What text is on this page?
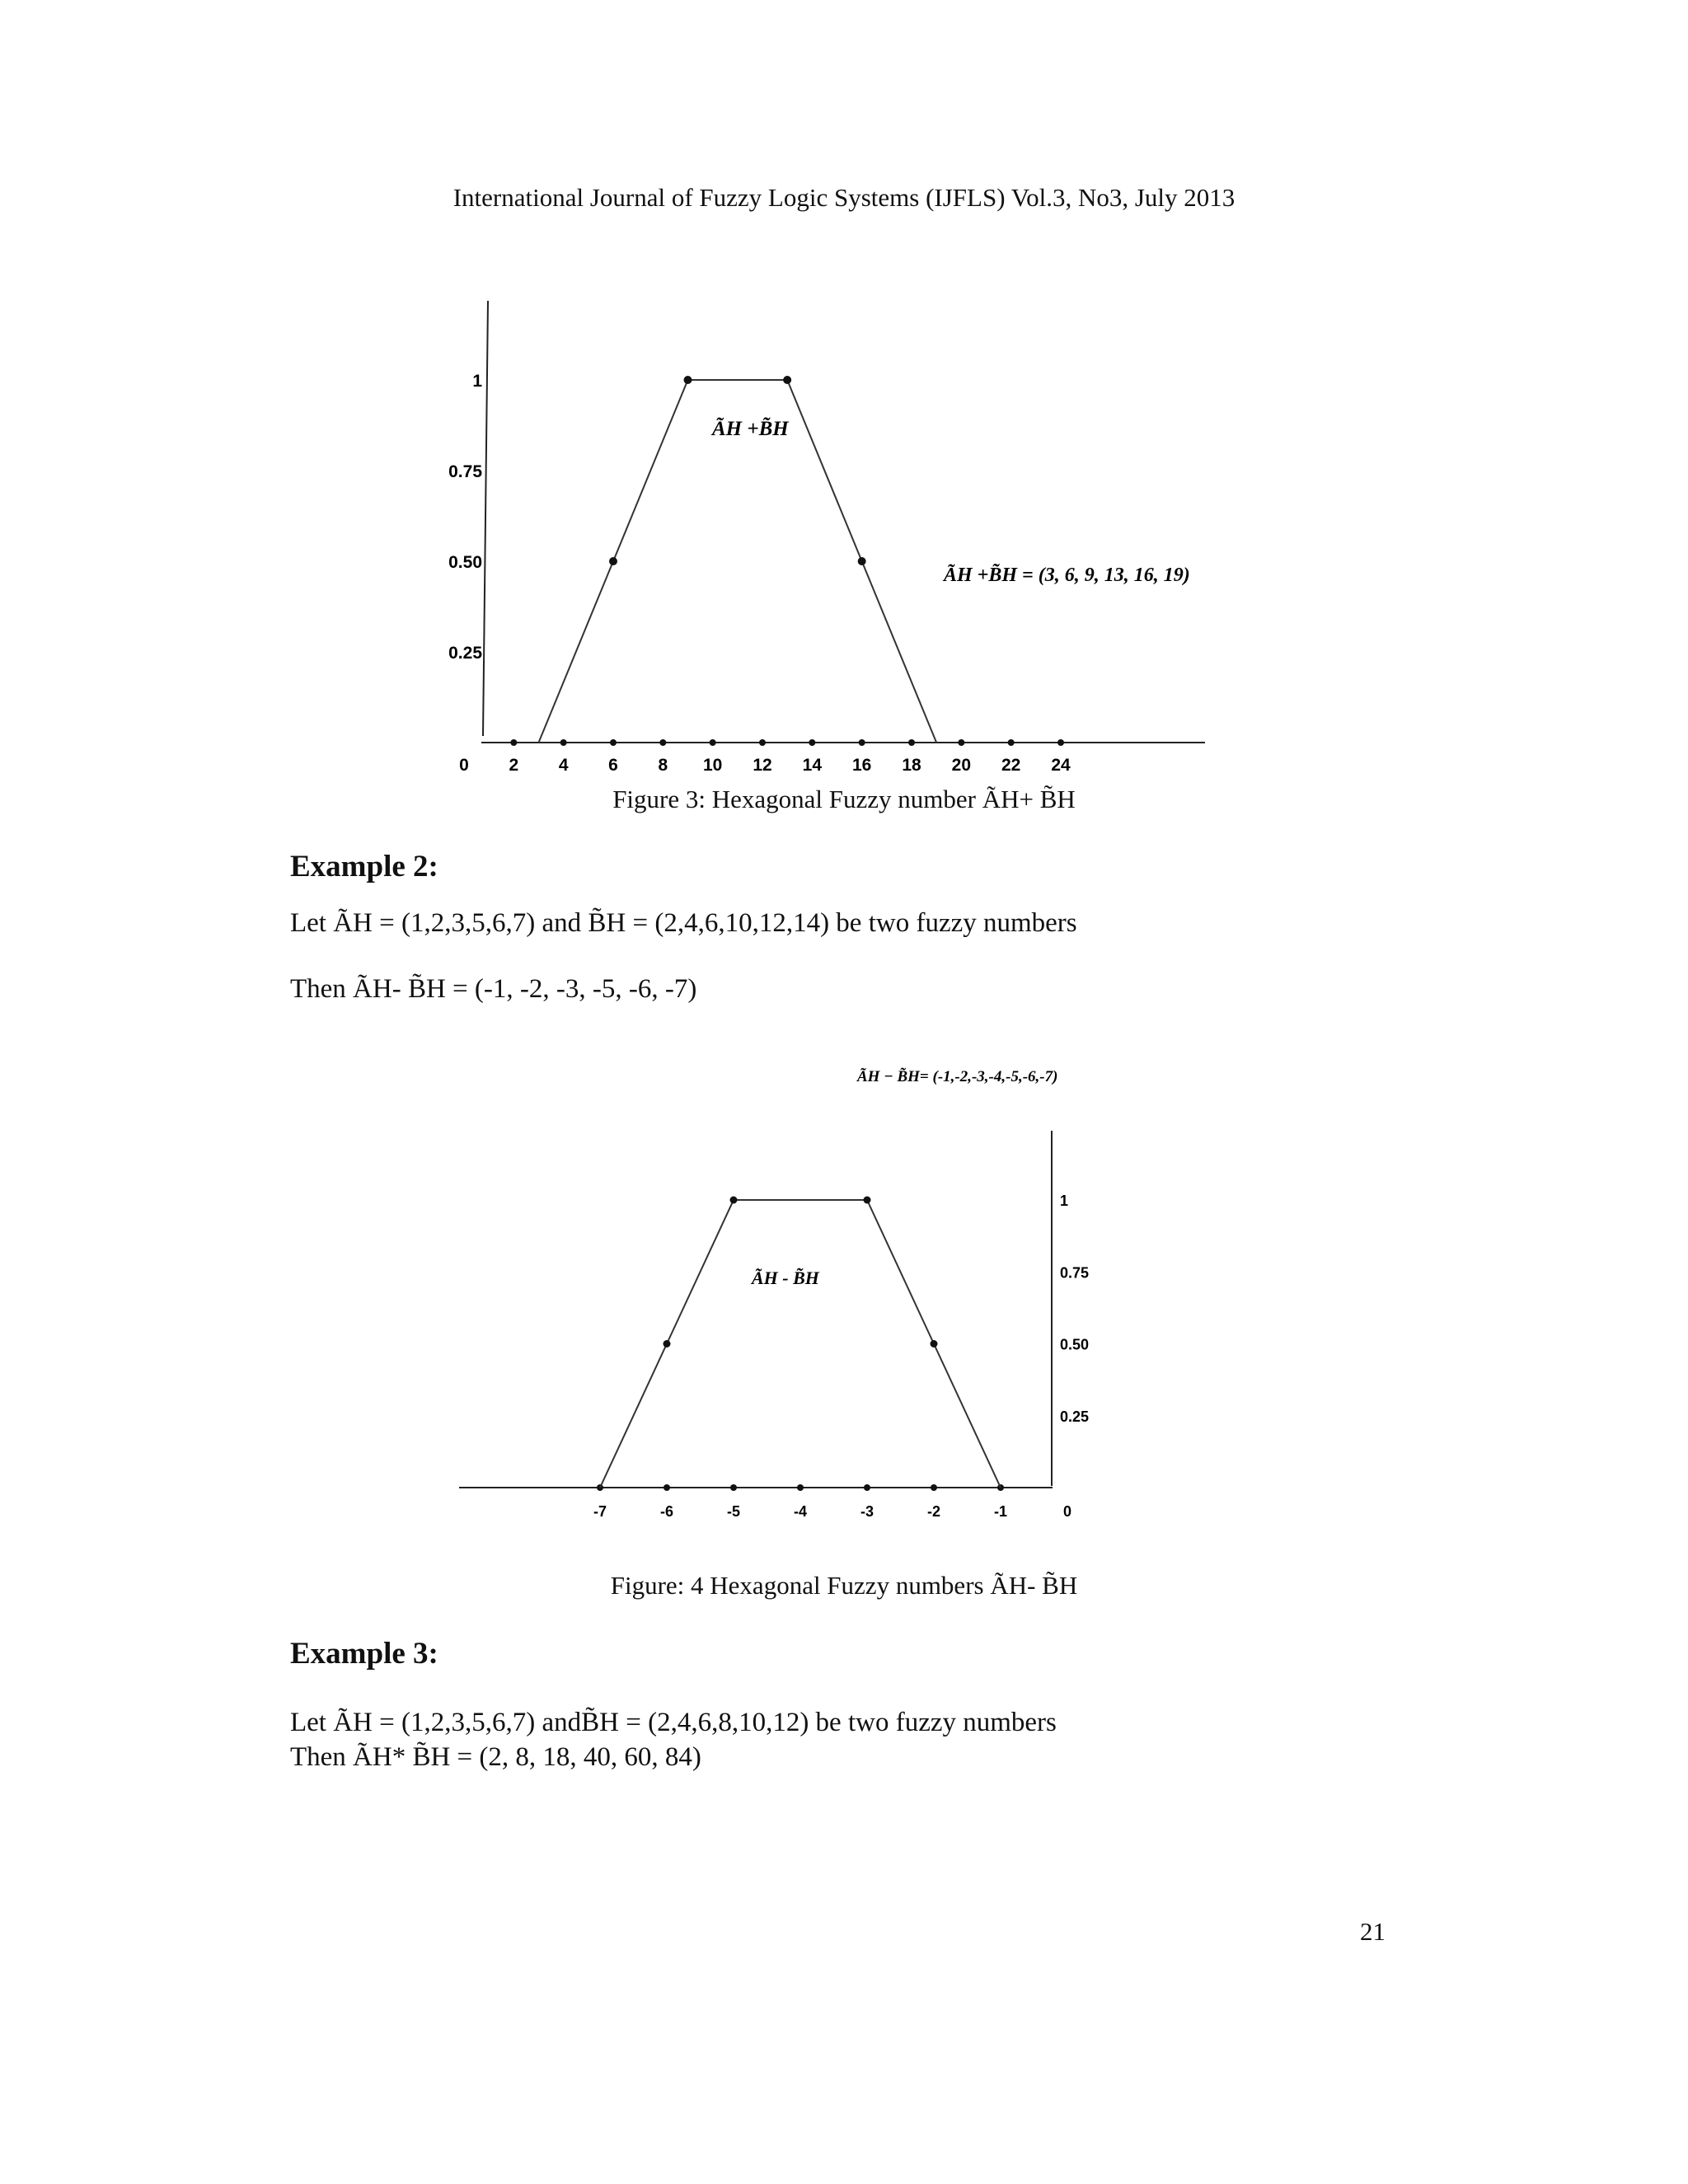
International Journal of Fuzzy Logic Systems (IJFLS) Vol.3, No3, July 2013
0.25
0.50
0.75
1
0 2 4 6 8 10 12 14 16 18 20 22 24
ÃH +B̃H
ÃH +B̃H = (3, 6, 9, 13, 16, 19)
Figure 3: Hexagonal Fuzzy number ÃH+ B̃H
Example 2:
Let ÃH = (1,2,3,5,6,7) and B̃H = (2,4,6,10,12,14) be two fuzzy numbers
Then ÃH- B̃H = (-1, -2, -3, -5, -6, -7)
0.25
0.50
0.75
1
-7	-6	-5	-4	-3	-2	-1	0
ÃH - B̃H
ÃH − B̃H= (-1,-2,-3,-4,-5,-6,-7)
Figure: 4 Hexagonal Fuzzy numbers ÃH- B̃H
Example 3:
Let ÃH = (1,2,3,5,6,7) andB̃H = (2,4,6,8,10,12) be two fuzzy numbers
Then ÃH* B̃H = (2, 8, 18, 40, 60, 84)
21
